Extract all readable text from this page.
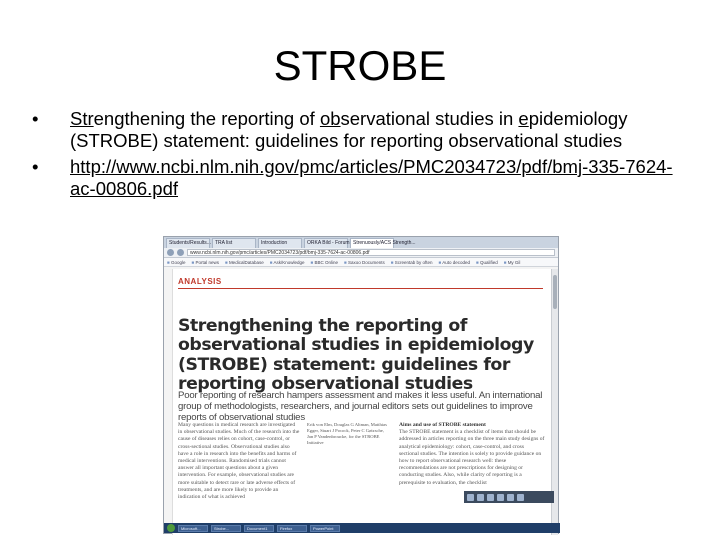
STROBE
• Strengthening the reporting of observational studies in epidemiology (STROBE) statement: guidelines for reporting observational studies
• http://www.ncbi.nlm.nih.gov/pmc/articles/PMC2034723/pdf/bmj-335-7624-ac-00806.pdf
Students/Results... TRA list	Introduction	ORKA Bild - Forum Strenuously/ACS Strength...
www.ncbi.nlm.nih.gov/pmc/articles/PMC2034723/pdf/bmj-335-7624-ac-00806.pdf
■ Google	■ Portal news	■ MedicalDatabase	■ Ask/Knowledge	■ BBC Online	■ Saxoo Documents	■ Screentab by often	■ Auto decoded	■ Qualified	■ My Gil
ANALYSIS
Strengthening the reporting of observational studies in epidemiology (STROBE) statement: guidelines for reporting observational studies
Poor reporting of research hampers assessment and makes it less useful. An international group of methodologists, researchers, and journal editors sets out guidelines to improve reports of observational studies
Many questions in medical research are investigated in observational studies. Much of the research into the cause of diseases relies on cohort, case-control, or cross-sectional studies. Observational studies also have a role in research into the benefits and harms of medical interventions. Randomised trials cannot answer all important questions about a given intervention. For example, observational studies are more suitable to detect rare or late adverse effects of treatments, and are more likely to provide an indication of what is achieved
Erik von Elm, Douglas G Altman, Matthias Egger, Stuart J Pocock, Peter C Gøtzsche, Jan P Vandenbroucke, for the STROBE Initiative
Aims and use of STROBE statement
The STROBE statement is a checklist of items that should be addressed in articles reporting on the three main study designs of analytical epidemiology: cohort, case-control, and cross sectional studies. The intention is solely to provide guidance on how to report observational research well: these recommendations are not prescriptions for designing or conducting studies. Also, while clarity of reporting is a prerequisite to evaluation, the checklist
Microsoft...	Strobe...	Document1	Firefox	PowerPoint
